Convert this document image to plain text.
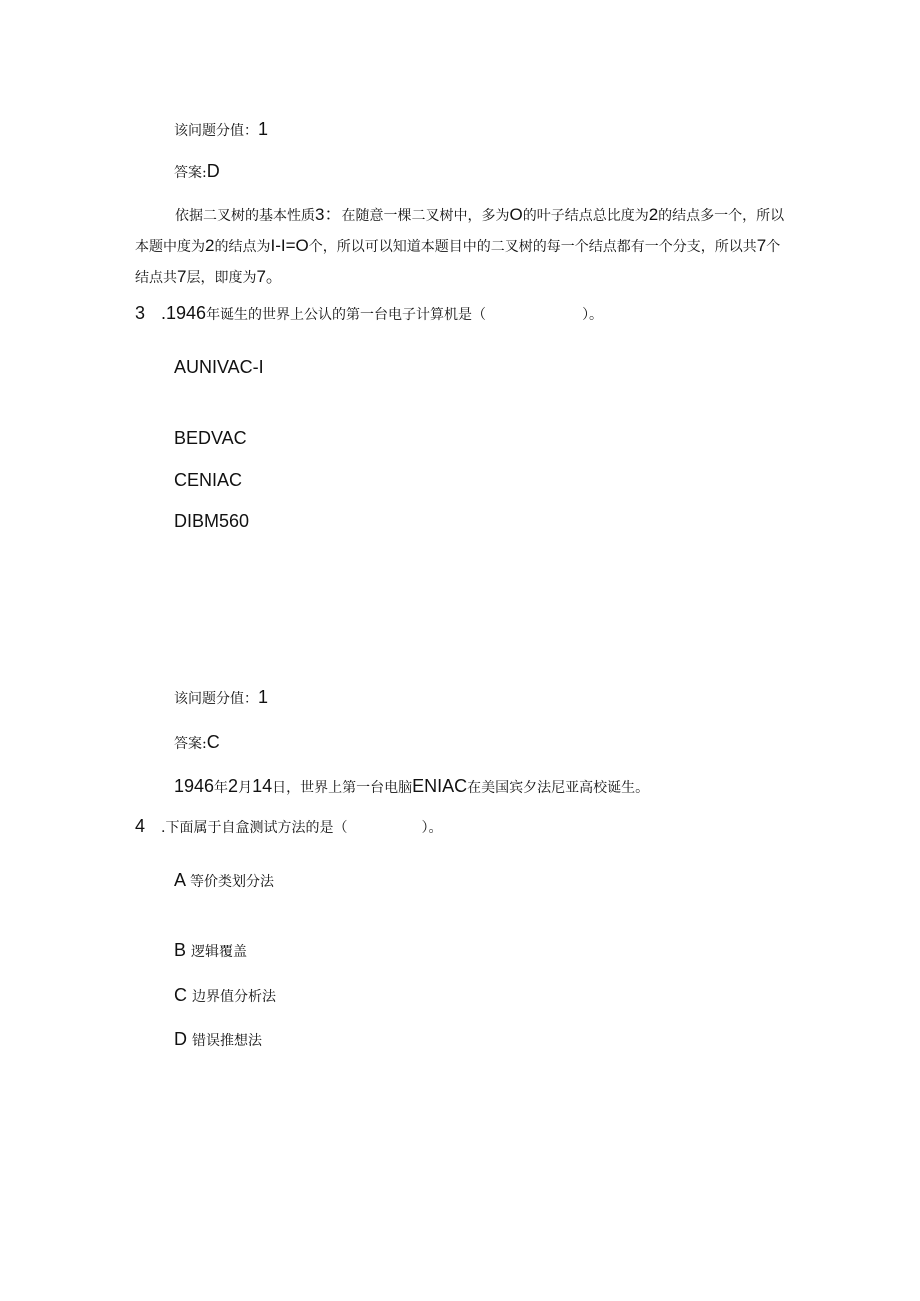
该问题分值：1
答案:D
依据二叉树的基本性质3：在随意一棵二叉树中，多为O的叶子结点总比度为2的结点多一个，所以本题中度为2的结点为I-I=O个，所以可以知道本题目中的二叉树的每一个结点都有一个分支，所以共7个结点共7层，即度为7。
3 .1946年诞生的世界上公认的第一台电子计算机是（	）。
AUNIVAC-I
BEDVAC
CENIAC
DIBM560
该问题分值：1
答案:C
1946年2月14日，世界上第一台电脑ENIAC在美国宾夕法尼亚高校诞生。
4 .下面属于自盒测试方法的是（	）。
A 等价类划分法
B 逻辑覆盖
C 边界值分析法
D 错误推想法
